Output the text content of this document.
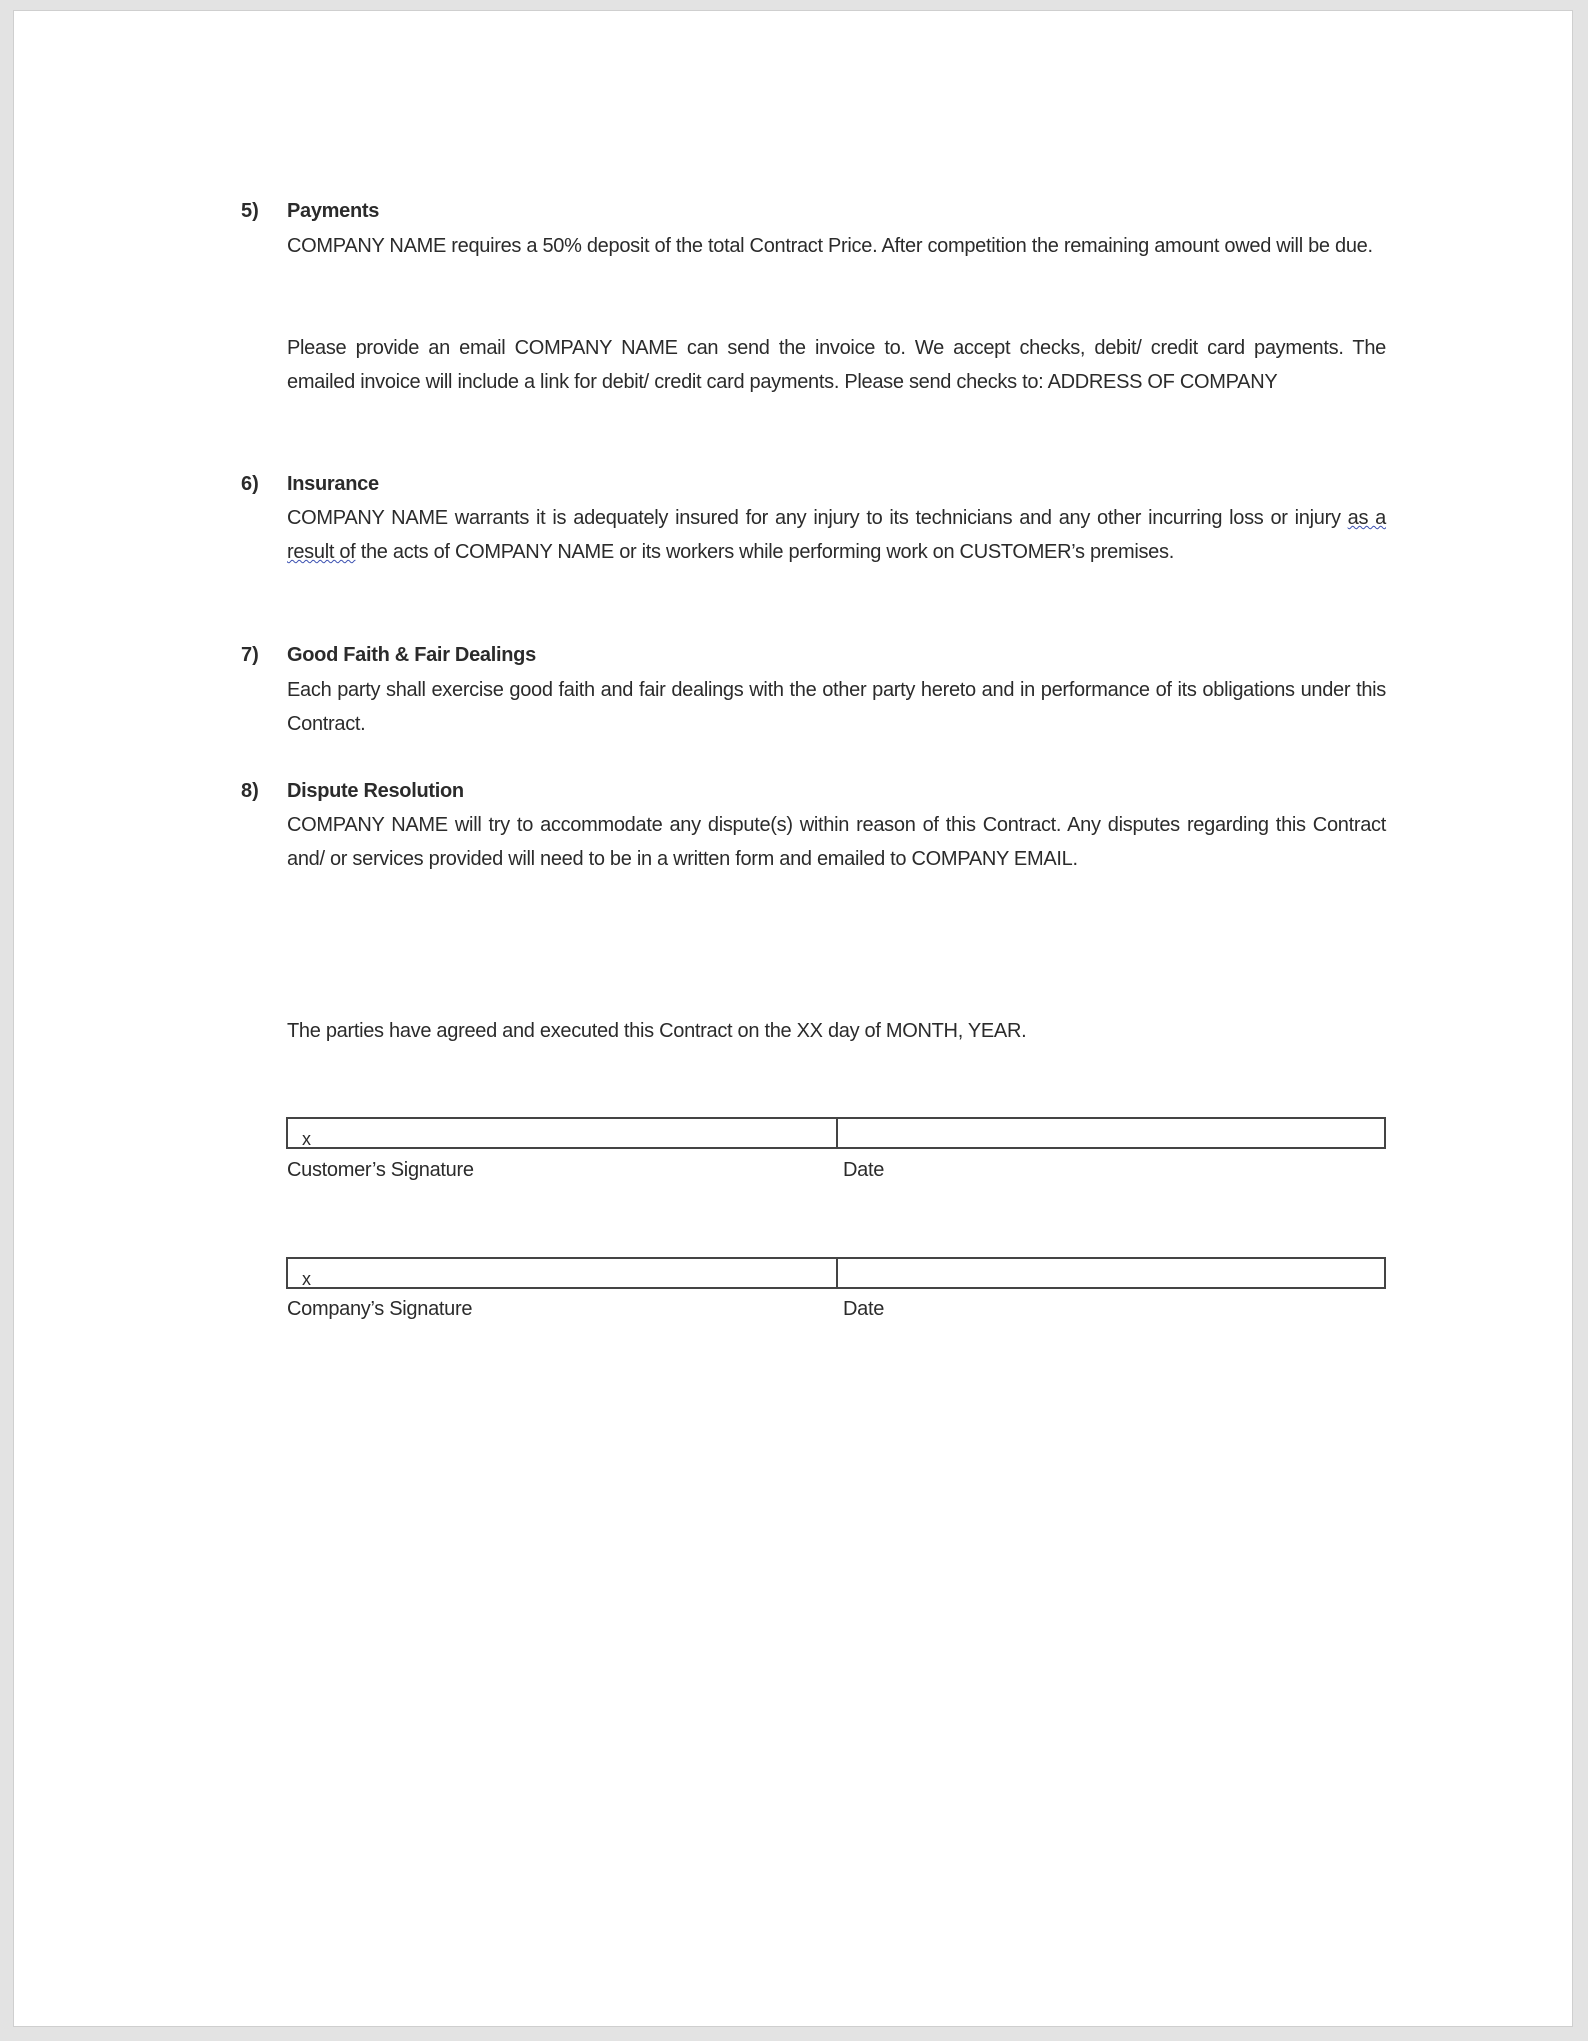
5) Payments
COMPANY NAME requires a 50% deposit of the total Contract Price. After competition the remaining amount owed will be due.
Please provide an email COMPANY NAME can send the invoice to. We accept checks, debit/ credit card payments. The emailed invoice will include a link for debit/ credit card payments. Please send checks to: ADDRESS OF COMPANY
6) Insurance
COMPANY NAME warrants it is adequately insured for any injury to its technicians and any other incurring loss or injury as a result of the acts of COMPANY NAME or its workers while performing work on CUSTOMER’s premises.
7) Good Faith & Fair Dealings
Each party shall exercise good faith and fair dealings with the other party hereto and in performance of its obligations under this Contract.
8) Dispute Resolution
COMPANY NAME will try to accommodate any dispute(s) within reason of this Contract. Any disputes regarding this Contract and/ or services provided will need to be in a written form and emailed to COMPANY EMAIL.
The parties have agreed and executed this Contract on the XX day of MONTH, YEAR.
x
Customer’s Signature	Date
x
Company’s Signature	Date
